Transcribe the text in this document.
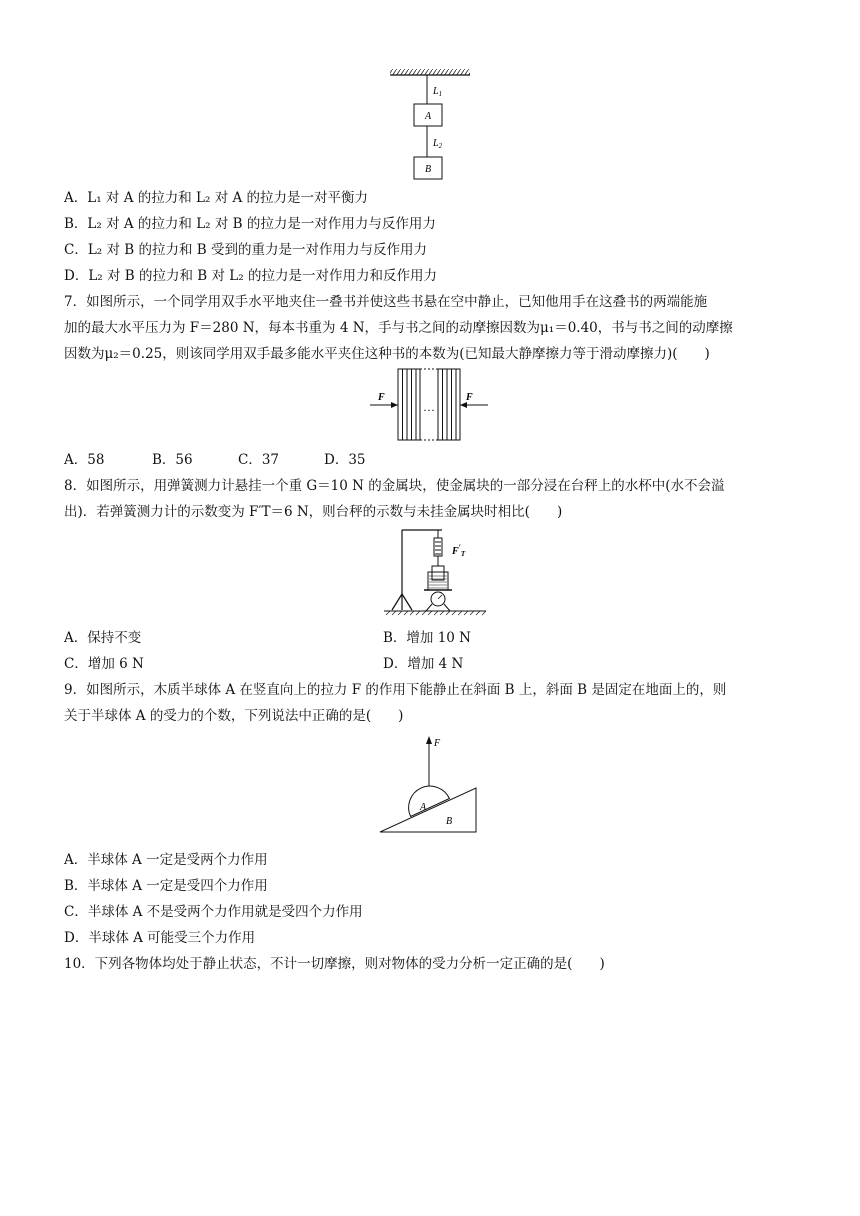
$L_1$
A
$L_2$
B
A．L₁ 对 A 的拉力和 L₂ 对 A 的拉力是一对平衡力
B．L₂ 对 A 的拉力和 L₂ 对 B 的拉力是一对作用力与反作用力
C．L₂ 对 B 的拉力和 B 受到的重力是一对作用力与反作用力
D．L₂ 对 B 的拉力和 B 对 L₂ 的拉力是一对作用力和反作用力
7．如图所示，一个同学用双手水平地夹住一叠书并使这些书悬在空中静止，已知他用手在这叠书的两端能施
加的最大水平压力为 F＝280 N，每本书重为 4 N，手与书之间的动摩擦因数为μ₁＝0.40，书与书之间的动摩擦
因数为μ₂＝0.25，则该同学用双手最多能水平夹住这种书的本数为(已知最大静摩擦力等于滑动摩擦力)(　　)
F
…
F
A．58	B．56	C．37	D．35
8．如图所示，用弹簧测力计悬挂一个重 G＝10 N 的金属块，使金属块的一部分浸在台秤上的水杯中(水不会溢
出)．若弹簧测力计的示数变为 F′T＝6 N，则台秤的示数与未挂金属块时相比(　　)
$F'_T$
A．保持不变	B．增加 10 N
C．增加 6 N	D．增加 4 N
9．如图所示，木质半球体 A 在竖直向上的拉力 F 的作用下能静止在斜面 B 上，斜面 B 是固定在地面上的，则
关于半球体 A 的受力的个数，下列说法中正确的是(　　)
F
A
B
A．半球体 A 一定是受两个力作用
B．半球体 A 一定是受四个力作用
C．半球体 A 不是受两个力作用就是受四个力作用
D．半球体 A 可能受三个力作用
10．下列各物体均处于静止状态，不计一切摩擦，则对物体的受力分析一定正确的是(　　)
